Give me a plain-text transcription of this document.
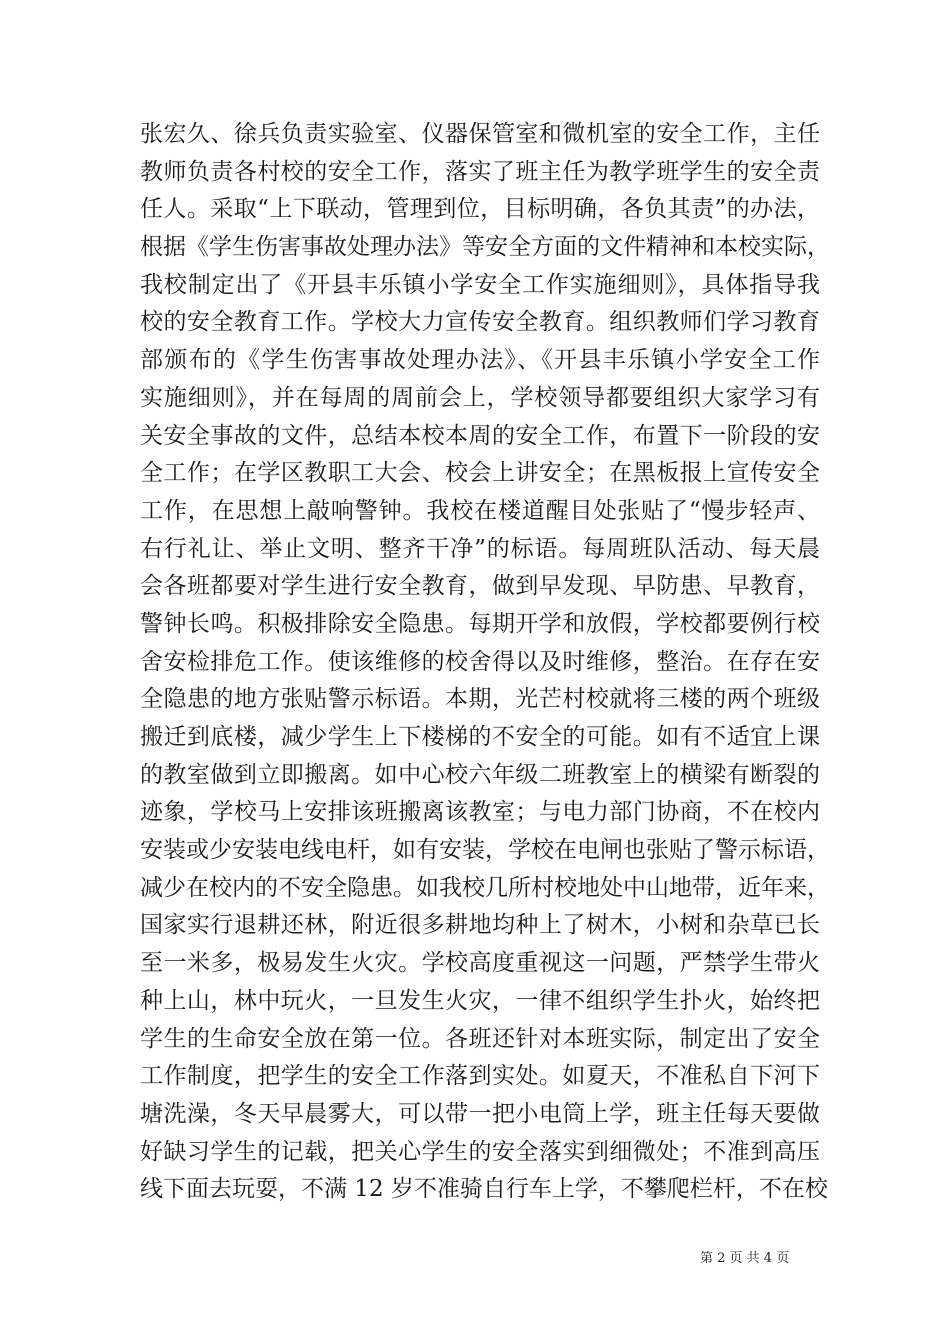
张宏久、徐兵负责实验室、仪器保管室和微机室的安全工作，主任
教师负责各村校的安全工作，落实了班主任为教学班学生的安全责
任人。采取“上下联动，管理到位，目标明确，各负其责”的办法，
根据《学生伤害事故处理办法》等安全方面的文件精神和本校实际，
我校制定出了《开县丰乐镇小学安全工作实施细则》，具体指导我
校的安全教育工作。学校大力宣传安全教育。组织教师们学习教育
部颁布的《学生伤害事故处理办法》、《开县丰乐镇小学安全工作
实施细则》，并在每周的周前会上，学校领导都要组织大家学习有
关安全事故的文件，总结本校本周的安全工作，布置下一阶段的安
全工作；在学区教职工大会、校会上讲安全；在黑板报上宣传安全
工作，在思想上敲响警钟。我校在楼道醒目处张贴了“慢步轻声、
右行礼让、举止文明、整齐干净”的标语。每周班队活动、每天晨
会各班都要对学生进行安全教育，做到早发现、早防患、早教育，
警钟长鸣。积极排除安全隐患。每期开学和放假，学校都要例行校
舍安检排危工作。使该维修的校舍得以及时维修，整治。在存在安
全隐患的地方张贴警示标语。本期，光芒村校就将三楼的两个班级
搬迁到底楼，减少学生上下楼梯的不安全的可能。如有不适宜上课
的教室做到立即搬离。如中心校六年级二班教室上的横梁有断裂的
迹象，学校马上安排该班搬离该教室；与电力部门协商，不在校内
安装或少安装电线电杆，如有安装，学校在电闸也张贴了警示标语，
减少在校内的不安全隐患。如我校几所村校地处中山地带，近年来，
国家实行退耕还林，附近很多耕地均种上了树木，小树和杂草已长
至一米多，极易发生火灾。学校高度重视这一问题，严禁学生带火
种上山，林中玩火，一旦发生火灾，一律不组织学生扑火，始终把
学生的生命安全放在第一位。各班还针对本班实际，制定出了安全
工作制度，把学生的安全工作落到实处。如夏天，不准私自下河下
塘洗澡，冬天早晨雾大，可以带一把小电筒上学，班主任每天要做
好缺习学生的记载，把关心学生的安全落实到细微处；不准到高压
线下面去玩耍，不满 12 岁不准骑自行车上学，不攀爬栏杆，不在校
第 2 页 共 4 页
